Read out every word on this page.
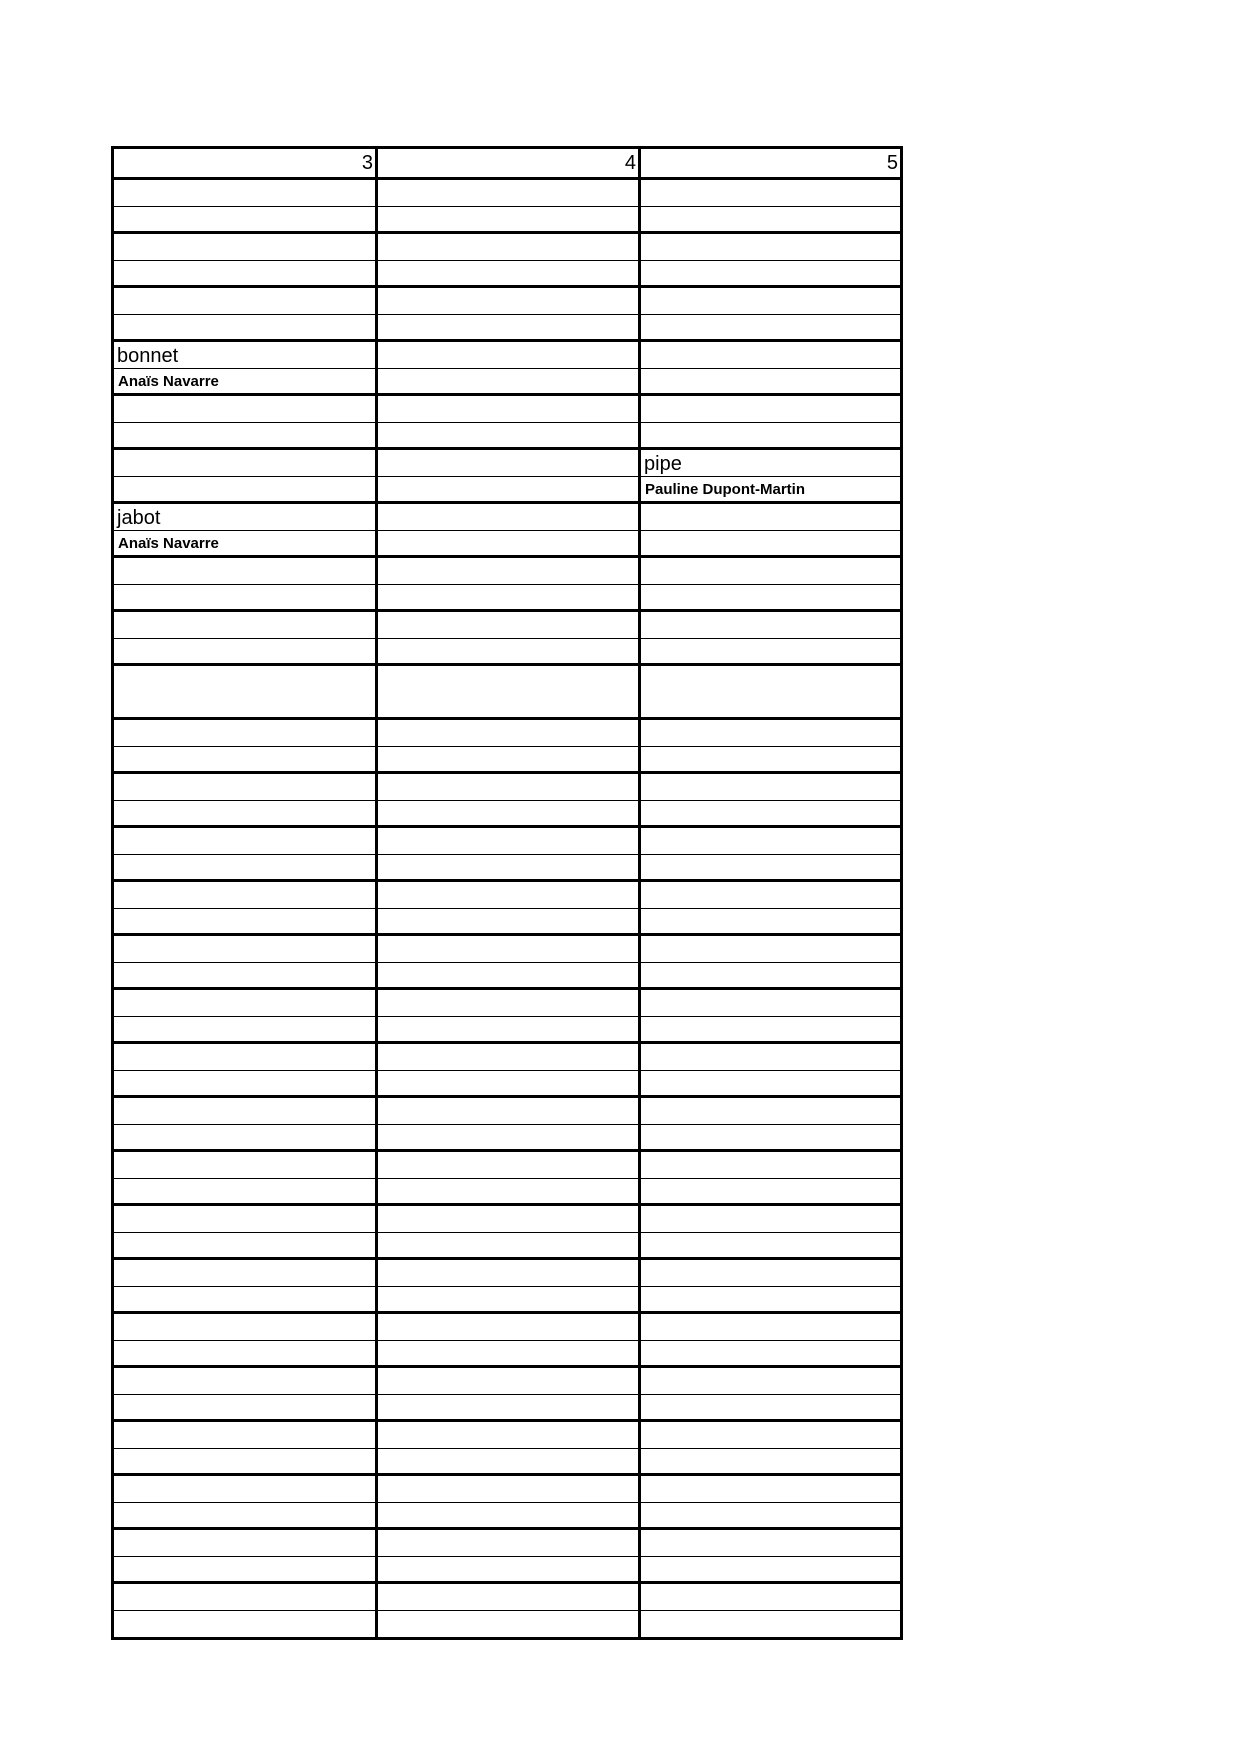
3	4	5
bonnet
Anaïs Navarre
pipe
Pauline Dupont-Martin
jabot
Anaïs Navarre
